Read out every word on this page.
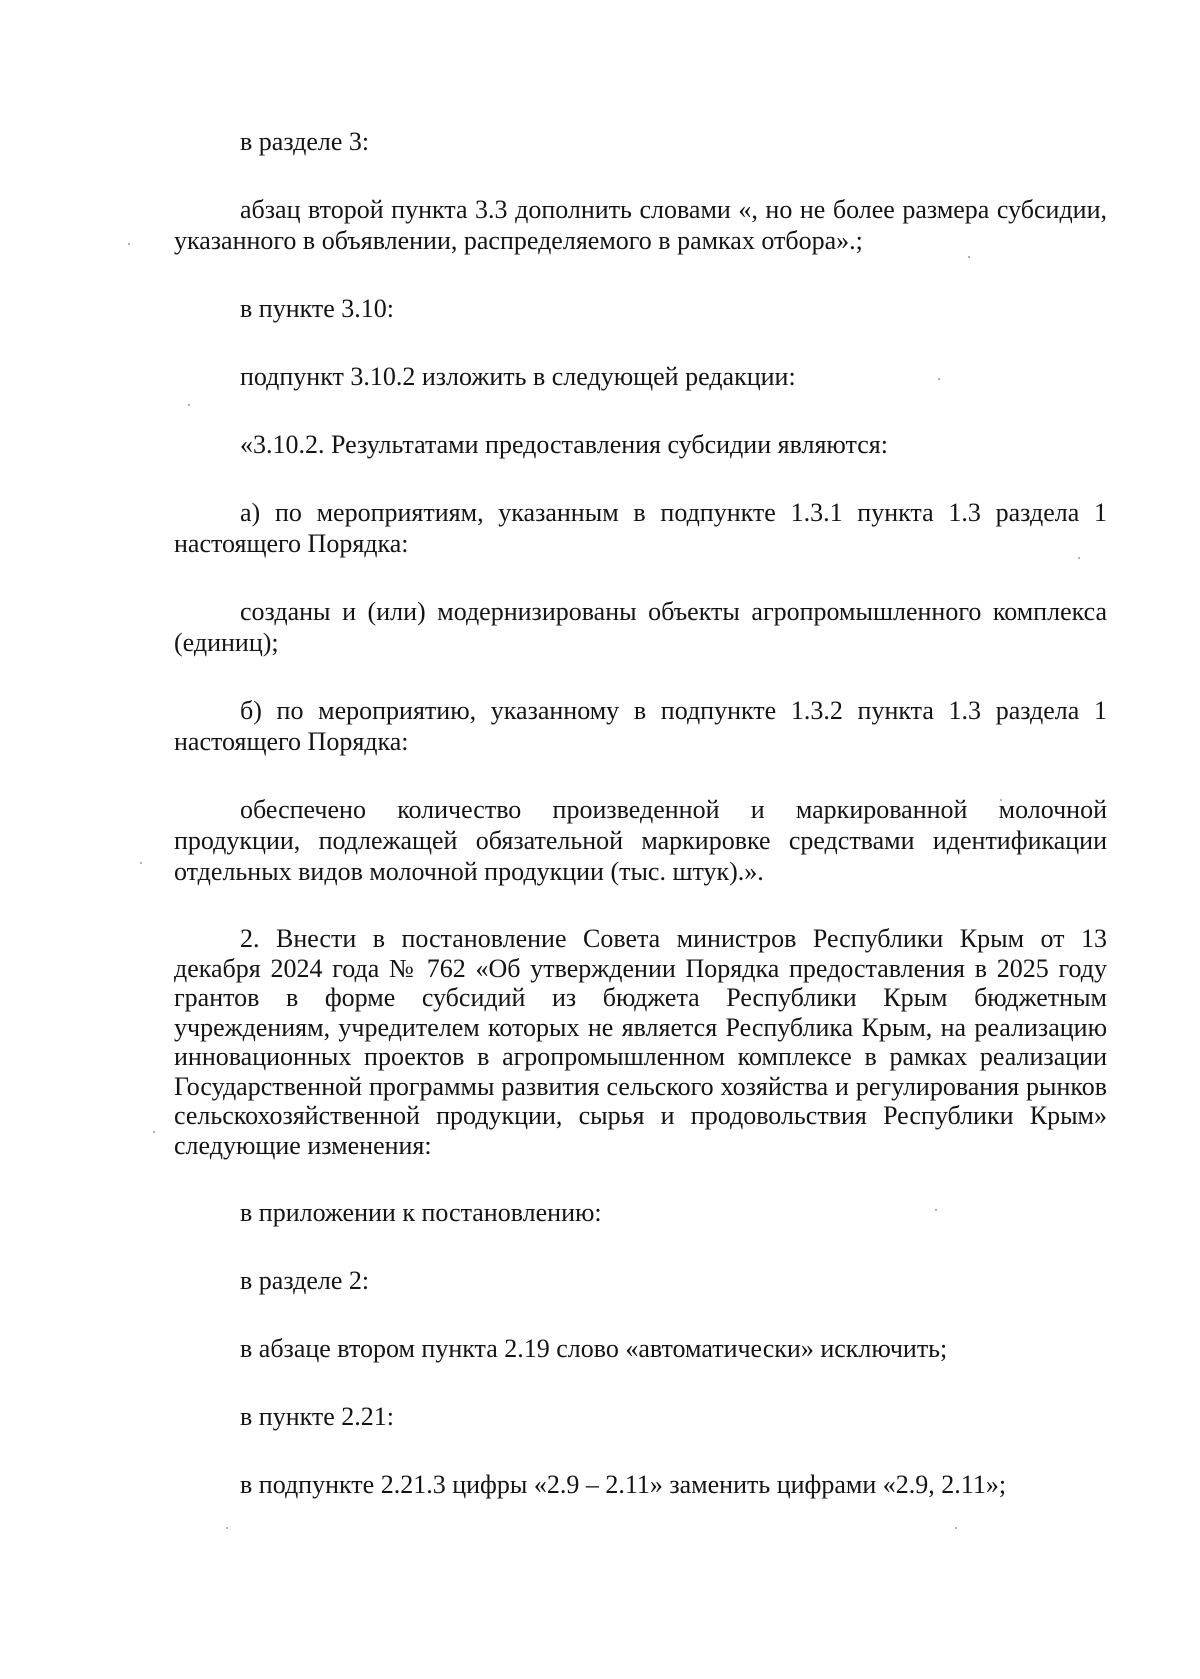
в разделе 3:

абзац второй пункта 3.3 дополнить словами «, но не более размера субсидии, указанного в объявлении, распределяемого в рамках отбора».;

в пункте 3.10:

подпункт 3.10.2 изложить в следующей редакции:

«3.10.2. Результатами предоставления субсидии являются:

а) по мероприятиям, указанным в подпункте 1.3.1 пункта 1.3 раздела 1 настоящего Порядка:

созданы и (или) модернизированы объекты агропромышленного комплекса (единиц);

б) по мероприятию, указанному в подпункте 1.3.2 пункта 1.3 раздела 1 настоящего Порядка:

обеспечено количество произведенной и маркированной молочной продукции, подлежащей обязательной маркировке средствами идентификации отдельных видов молочной продукции (тыс. штук).».

2. Внести в постановление Совета министров Республики Крым от 13 декабря 2024 года № 762 «Об утверждении Порядка предоставления в 2025 году грантов в форме субсидий из бюджета Республики Крым бюджетным учреждениям, учредителем которых не является Республика Крым, на реализацию инновационных проектов в агропромышленном комплексе в рамках реализации Государственной программы развития сельского хозяйства и регулирования рынков сельскохозяйственной продукции, сырья и продовольствия Республики Крым» следующие изменения:

в приложении к постановлению:

в разделе 2:

в абзаце втором пункта 2.19 слово «автоматически» исключить;

в пункте 2.21:

в подпункте 2.21.3 цифры «2.9 – 2.11» заменить цифрами «2.9, 2.11»;
